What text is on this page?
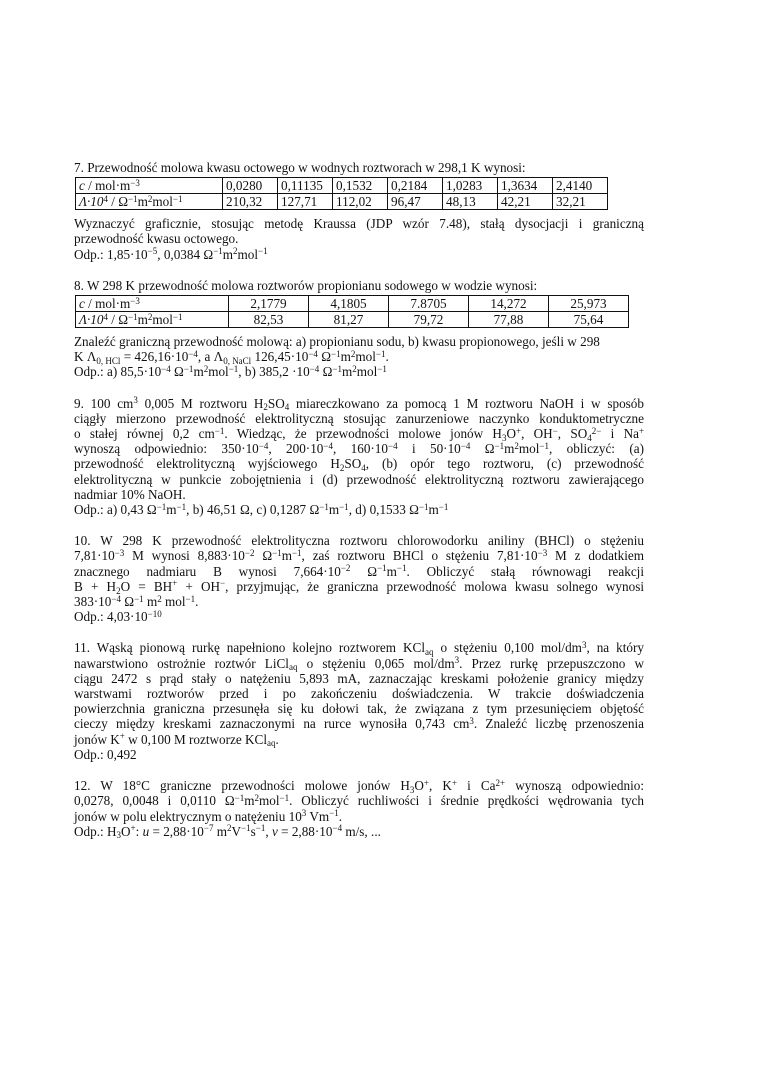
7. Przewodność molowa kwasu octowego w wodnych roztworach w 298,1 K wynosi:
$c / mol\cdot m^{-3}$	0,0280	0,11135	0,1532	0,2184	1,0283	1,3634	2,4140
$\Lambda\cdot 10^4 / \Omega^{-1}m^2mol^{-1}$	210,32	127,71	112,02	96,47	48,13	42,21	32,21
Wyznaczyć graficznie, stosując metodę Kraussa (JDP wzór 7.48), stałą dysocjacji i graniczną
przewodność kwasu octowego.
Odp.: $1,85\cdot 10^{-5}$, 0,0384 $\Omega^{-1}m^2mol^{-1}$
8. W 298 K przewodność molowa roztworów propionianu sodowego w wodzie wynosi:
$c / mol\cdot m^{-3}$	2,1779	4,1805	7.8705	14,272	25,973
$\Lambda\cdot 10^4 / \Omega^{-1}m^2mol^{-1}$	82,53	81,27	79,72	77,88	75,64
Znaleźć graniczną przewodność molową: a) propionianu sodu, b) kwasu propionowego, jeśli w 298
K $\Lambda_{0, HCl} = 426,16\cdot 10^{-4}$, a $\Lambda_{0, NaCl}$ $126,45\cdot 10^{-4}$ $\Omega^{-1}m^2mol^{-1}$.
Odp.: a) $85,5\cdot 10^{-4}$ $\Omega^{-1}m^2mol^{-1}$, b) $385,2 \cdot 10^{-4}$ $\Omega^{-1}m^2mol^{-1}$
9. 100 $cm^3$ 0,005 M roztworu $H_2SO_4$ miareczkowano za pomocą 1 M roztworu NaOH i w sposób
ciągły mierzono przewodność elektrolityczną stosując zanurzeniowe naczynko konduktometryczne
o stałej równej 0,2 $cm^{-1}$. Wiedząc, że przewodności molowe jonów $H_3O^+$, OH−, $SO_4^{2-}$ i Na+
wynoszą odpowiednio: $350\cdot 10^{-4}$, $200\cdot 10^{-4}$, $160\cdot 10^{-4}$ i $50\cdot 10^{-4}$ $\Omega^{-1}m^2mol^{-1}$, obliczyć: (a)
przewodność elektrolityczną wyjściowego $H_2SO_4$, (b) opór tego roztworu, (c) przewodność
elektrolityczną w punkcie zobojętnienia i (d) przewodność elektrolityczną roztworu zawierającego
nadmiar 10% NaOH.
Odp.: a) 0,43 $\Omega^{-1}m^{-1}$, b) 46,51 Ω, c) 0,1287 $\Omega^{-1}m^{-1}$, d) 0,1533 $\Omega^{-1}m^{-1}$
10. W 298 K przewodność elektrolityczna roztworu chlorowodorku aniliny (BHCl) o stężeniu
$7,81\cdot 10^{-3}$ M wynosi $8,883\cdot 10^{-2}$ $\Omega^{-1}m^{-1}$, zaś roztworu BHCl o stężeniu $7,81\cdot 10^{-3}$ M z dodatkiem
znacznego nadmiaru B wynosi $7,664\cdot 10^{-2}$ $\Omega^{-1}m^{-1}$. Obliczyć stałą równowagi reakcji
$B + H_2O = BH^+ + OH^-$, przyjmując, że graniczna przewodność molowa kwasu solnego wynosi
$383\cdot 10^{-4}$ $\Omega^{-1}$ $m^2$ mol$^{-1}$.
Odp.: $4,03\cdot 10^{-10}$
11. Wąską pionową rurkę napełniono kolejno roztworem KCl$_{aq}$ o stężeniu 0,100 mol/$dm^3$, na który
nawarstwiono ostrożnie roztwór LiCl$_{aq}$ o stężeniu 0,065 mol/$dm^3$. Przez rurkę przepuszczono w
ciągu 2472 s prąd stały o natężeniu 5,893 mA, zaznaczając kreskami położenie granicy między
warstwami roztworów przed i po zakończeniu doświadczenia. W trakcie doświadczenia
powierzchnia graniczna przesunęła się ku dołowi tak, że związana z tym przesunięciem objętość
cieczy między kreskami zaznaczonymi na rurce wynosiła 0,743 $cm^3$. Znaleźć liczbę przenoszenia
jonów K+ w 0,100 M roztworze KCl$_{aq}$.
Odp.: 0,492
12. W 18°C graniczne przewodności molowe jonów $H_3O^+$, K+ i $Ca^{2+}$ wynoszą odpowiednio:
0,0278, 0,0048 i 0,0110 $\Omega^{-1}m^2mol^{-1}$. Obliczyć ruchliwości i średnie prędkości wędrowania tych
jonów w polu elektrycznym o natężeniu $10^3$ $Vm^{-1}$.
Odp.: $H_3O^+$: $u = 2,88\cdot 10^{-7}$ $m^2V^{-1}s^{-1}$, $v = 2,88\cdot 10^{-4}$ m/s, ...
